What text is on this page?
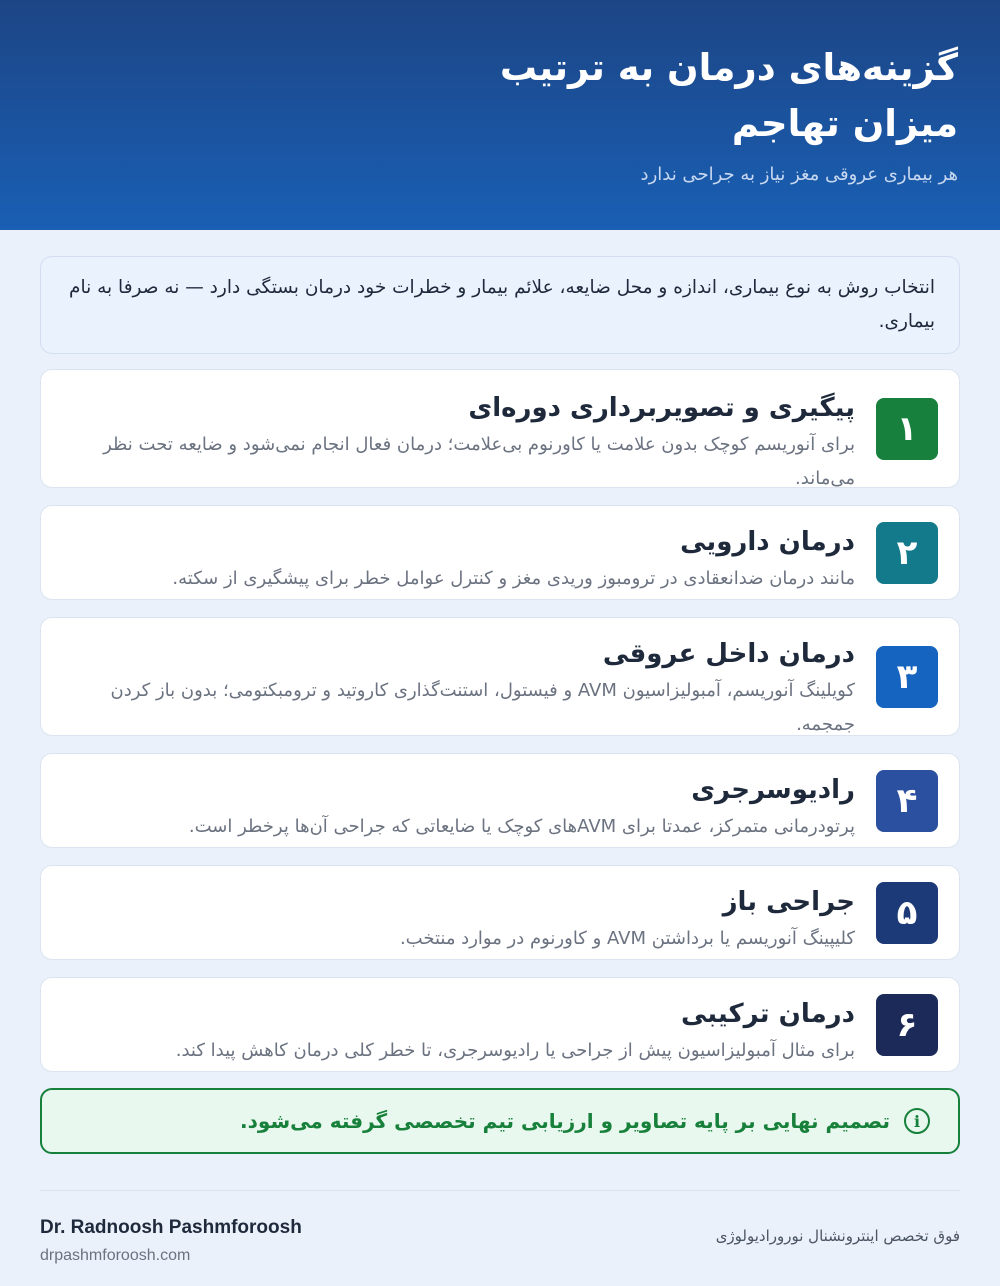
گزینه‌های درمان به ترتیب میزان تهاجم
هر بیماری عروقی مغز نیاز به جراحی ندارد

انتخاب روش به نوع بیماری، اندازه و محل ضایعه، علائم بیمار و خطرات خود درمان بستگی دارد — نه صرفا به نام بیماری.

۱
پیگیری و تصویربرداری دوره‌ای
برای آنوریسم کوچک بدون علامت یا کاورنوم بی‌علامت؛ درمان فعال انجام نمی‌شود و ضایعه تحت نظر می‌ماند.
۲
درمان دارویی
مانند درمان ضدانعقادی در ترومبوز وریدی مغز و کنترل عوامل خطر برای پیشگیری از سکته.
۳
درمان داخل عروقی
کویلینگ آنوریسم، آمبولیزاسیون AVM و فیستول، استنت‌گذاری کاروتید و ترومبکتومی؛ بدون باز کردن جمجمه.
۴
رادیوسرجری
پرتودرمانی متمرکز، عمدتا برای AVMهای کوچک یا ضایعاتی که جراحی آن‌ها پرخطر است.
۵
جراحی باز
کلیپینگ آنوریسم یا برداشتن AVM و کاورنوم در موارد منتخب.
۶
درمان ترکیبی
برای مثال آمبولیزاسیون پیش از جراحی یا رادیوسرجری، تا خطر کلی درمان کاهش پیدا کند.
i
تصمیم نهایی بر پایه تصاویر و ارزیابی تیم تخصصی گرفته می‌شود.
فوق تخصص اینترونشنال نورورادیولوژی
Dr. Radnoosh Pashmforoosh
drpashmforoosh.com
